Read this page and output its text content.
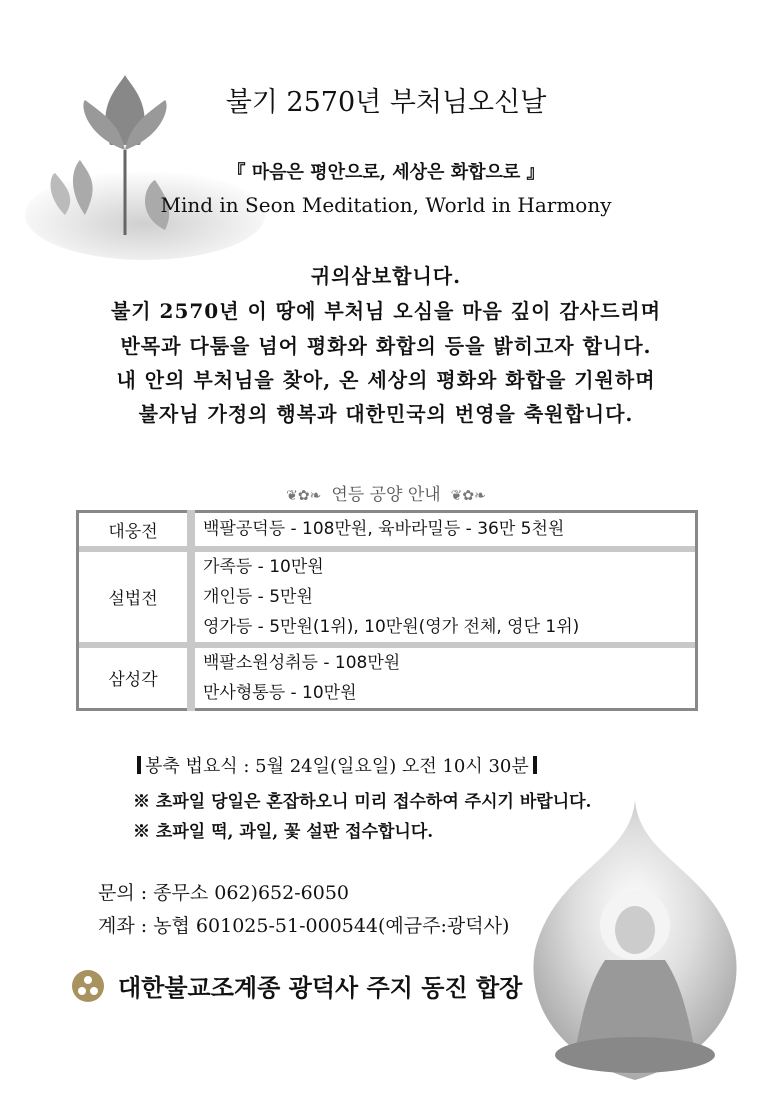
불기 2570년 부처님오신날
『 마음은 평안으로, 세상은 화합으로 』
Mind in Seon Meditation, World in Harmony
귀의삼보합니다.
불기 2570년 이 땅에 부처님 오심을 마음 깊이 감사드리며
반목과 다툼을 넘어 평화와 화합의 등을 밝히고자 합니다.
내 안의 부처님을 찾아, 온 세상의 평화와 화합을 기원하며
불자님 가정의 행복과 대한민국의 번영을 축원합니다.
❦✿❧ 연등 공양 안내 ❦✿❧
대웅전	백팔공덕등 - 108만원, 육바라밀등 - 36만 5천원

설법전	가족등 - 10만원
개인등 - 5만원
영가등 - 5만원(1위), 10만원(영가 전체, 영단 1위)

삼성각	백팔소원성취등 - 108만원
만사형통등 - 10만원
봉축 법요식 : 5월 24일(일요일) 오전 10시 30분
※ 초파일 당일은 혼잡하오니 미리 접수하여 주시기 바랍니다.
※ 초파일 떡, 과일, 꽃 설판 접수합니다.
문의 : 종무소 062)652-6050
계좌 : 농협 601025-51-000544(예금주:광덕사)
대한불교조계종 광덕사 주지 동진 합장
